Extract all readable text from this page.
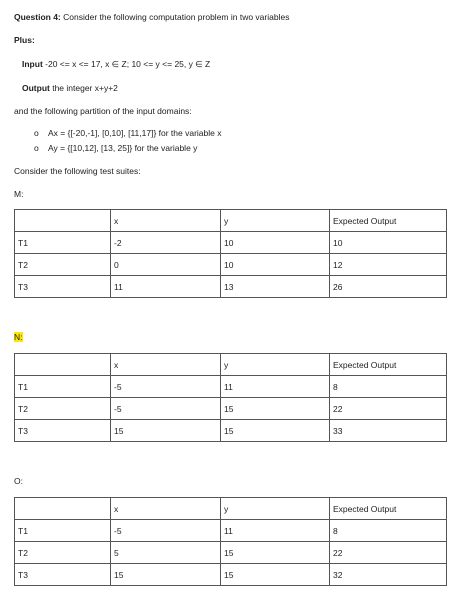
Question 4: Consider the following computation problem in two variables
Plus:
Input -20 <= x <= 17, x ∈ Z; 10 <= y <= 25, y ∈ Z
Output the integer x+y+2
and the following partition of the input domains:
o Ax = {[-20,-1], [0,10], [11,17]} for the variable x
o Ay = {[10,12], [13, 25]} for the variable y
Consider the following test suites:
M:
	x	y	Expected Output
T1	-2	10	10
T2	0	10	12
T3	11	13	26
N:
	x	y	Expected Output
T1	-5	11	8
T2	-5	15	22
T3	15	15	33
O:
	x	y	Expected Output
T1	-5	11	8
T2	5	15	22
T3	15	15	32
